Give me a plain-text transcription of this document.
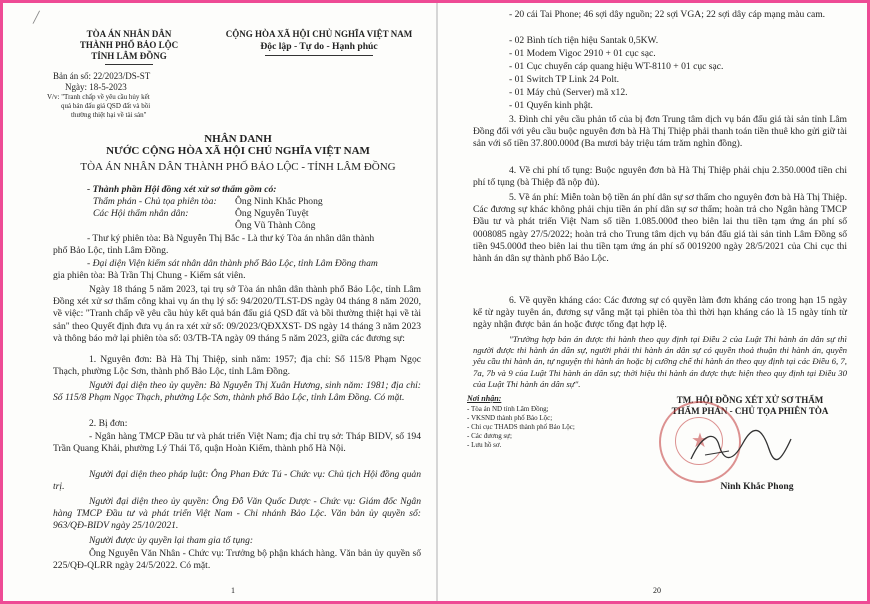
╱
TÒA ÁN NHÂN DÂN
THÀNH PHỐ BẢO LỘC
TỈNH LÂM ĐỒNG
CỘNG HÒA XÃ HỘI CHỦ NGHĨA VIỆT NAM
Độc lập - Tự do - Hạnh phúc
Bản án số: 22/2023/DS-ST
Ngày: 18-5-2023
V/v: "Tranh chấp về yêu cầu hủy kết
quả bán đấu giá QSD đất và bồi
thường thiệt hại về tài sản"
NHÂN DANH
NƯỚC CỘNG HÒA XÃ HỘI CHỦ NGHĨA VIỆT NAM
TÒA ÁN NHÂN DÂN THÀNH PHỐ BẢO LỘC - TỈNH LÂM ĐỒNG
- Thành phần Hội đồng xét xử sơ thẩm gồm có:
Thẩm phán - Chủ tọa phiên tòa: Ông Ninh Khắc Phong
Các Hội thẩm nhân dân:	Ông Nguyễn Tuyệt
Ông Vũ Thành Công
- Thư ký phiên tòa: Bà Nguyễn Thị Bắc - Là thư ký Tòa án nhân dân thành
phố Bảo Lộc, tỉnh Lâm Đồng.
- Đại diện Viện kiểm sát nhân dân thành phố Bảo Lộc, tỉnh Lâm Đồng tham
gia phiên tòa: Bà Trần Thị Chung - Kiểm sát viên.
Ngày 18 tháng 5 năm 2023, tại trụ sở Tòa án nhân dân thành phố Bảo Lộc, tỉnh Lâm Đồng xét xử sơ thẩm công khai vụ án thụ lý số: 94/2020/TLST-DS ngày 04 tháng 8 năm 2020, về việc: "Tranh chấp về yêu cầu hủy kết quả bán đấu giá QSD đất và bồi thường thiệt hại về tài sản" theo Quyết định đưa vụ án ra xét xử số: 09/2023/QĐXXST- DS ngày 14 tháng 3 năm 2023 và thông báo mở lại phiên tòa số: 03/TB-TA ngày 09 tháng 5 năm 2023, giữa các đương sự:
1. Nguyên đơn: Bà Hà Thị Thiệp, sinh năm: 1957; địa chỉ: Số 115/8 Phạm Ngọc Thạch, phường Lộc Sơn, thành phố Bảo Lộc, tỉnh Lâm Đồng.
Người đại diện theo ủy quyền: Bà Nguyễn Thị Xuân Hương, sinh năm: 1981; địa chỉ: Số 115/8 Phạm Ngọc Thạch, phường Lộc Sơn, thành phố Bảo Lộc, tỉnh Lâm Đồng. Có mặt.
2. Bị đơn:
- Ngân hàng TMCP Đầu tư và phát triển Việt Nam; địa chỉ trụ sở: Tháp BIDV, số 194 Trần Quang Khải, phường Lý Thái Tổ, quận Hoàn Kiếm, thành phố Hà Nội.
Người đại diện theo pháp luật: Ông Phan Đức Tú - Chức vụ: Chủ tịch Hội đồng quản trị.
Người đại diện theo ủy quyền: Ông Đỗ Văn Quốc Dược - Chức vụ: Giám đốc Ngân hàng TMCP Đầu tư và phát triển Việt Nam - Chi nhánh Bảo Lộc. Văn bản ủy quyền số: 963/QĐ-BIDV ngày 25/10/2021.
Người được ủy quyền lại tham gia tố tụng:
Ông Nguyễn Văn Nhân - Chức vụ: Trưởng bộ phận khách hàng. Văn bản ủy quyền số 225/QĐ-QLRR ngày 24/5/2022. Có mặt.
1
- 20 cái Tai Phone; 46 sợi dây nguồn; 22 sợi VGA; 22 sợi dây cáp mạng màu cam.
- 02 Bình tích tiện hiệu Santak 0,5KW.
- 01 Modem Vigoc 2910 + 01 cục sạc.
- 01 Cục chuyển cáp quang hiệu WT-8110 + 01 cục sạc.
- 01 Switch TP Link 24 Polt.
- 01 Máy chủ (Server) mã x12.
- 01 Quyển kinh phật.
3. Đình chỉ yêu cầu phản tố của bị đơn Trung tâm dịch vụ bán đấu giá tài sản tỉnh Lâm Đồng đối với yêu cầu buộc nguyên đơn bà Hà Thị Thiệp phải thanh toán tiền thuê kho gửi giữ tài sản với số tiền 37.800.000đ (Ba mươi bảy triệu tám trăm nghìn đồng).
4. Về chi phí tố tụng: Buộc nguyên đơn bà Hà Thị Thiệp phải chịu 2.350.000đ tiền chi phí tố tụng (bà Thiệp đã nộp đủ).
5. Về án phí: Miễn toàn bộ tiền án phí dân sự sơ thẩm cho nguyên đơn bà Hà Thị Thiệp. Các đương sự khác không phải chịu tiền án phí dân sự sơ thẩm; hoàn trả cho Ngân hàng TMCP Đầu tư và phát triển Việt Nam số tiền 1.085.000đ theo biên lai thu tiền tạm ứng án phí số 0008085 ngày 27/5/2022; hoàn trả cho Trung tâm dịch vụ bán đấu giá tài sản tỉnh Lâm Đồng số tiền 945.000đ theo biên lai thu tiền tạm ứng án phí số 0019200 ngày 28/5/2021 của Chi cục thi hành án dân sự thành phố Bảo Lộc.
6. Về quyền kháng cáo: Các đương sự có quyền làm đơn kháng cáo trong hạn 15 ngày kể từ ngày tuyên án, đương sự vắng mặt tại phiên tòa thì thời hạn kháng cáo là 15 ngày tính từ ngày nhận được bản án hoặc được tống đạt hợp lệ.
"Trường hợp bản án được thi hành theo quy định tại Điều 2 của Luật Thi hành án dân sự thì người được thi hành án dân sự, người phải thi hành án dân sự có quyền thoả thuận thi hành án, quyền yêu cầu thi hành án, tự nguyện thi hành án hoặc bị cưỡng chế thi hành án theo quy định tại các Điều 6, 7, 7a, 7b và 9 của Luật Thi hành án dân sự; thời hiệu thi hành án được thực hiện theo quy định tại Điều 30 của Luật Thi hành án dân sự".
Nơi nhận:
- Tòa án ND tỉnh Lâm Đồng;
- VKSND thành phố Bảo Lộc;
- Chi cục THADS thành phố Bảo Lộc;
- Các đương sự;
- Lưu hồ sơ.
TM. HỘI ĐỒNG XÉT XỬ SƠ THẨM
THẨM PHÁN - CHỦ TỌA PHIÊN TÒA
★
Ninh Khắc Phong
20
